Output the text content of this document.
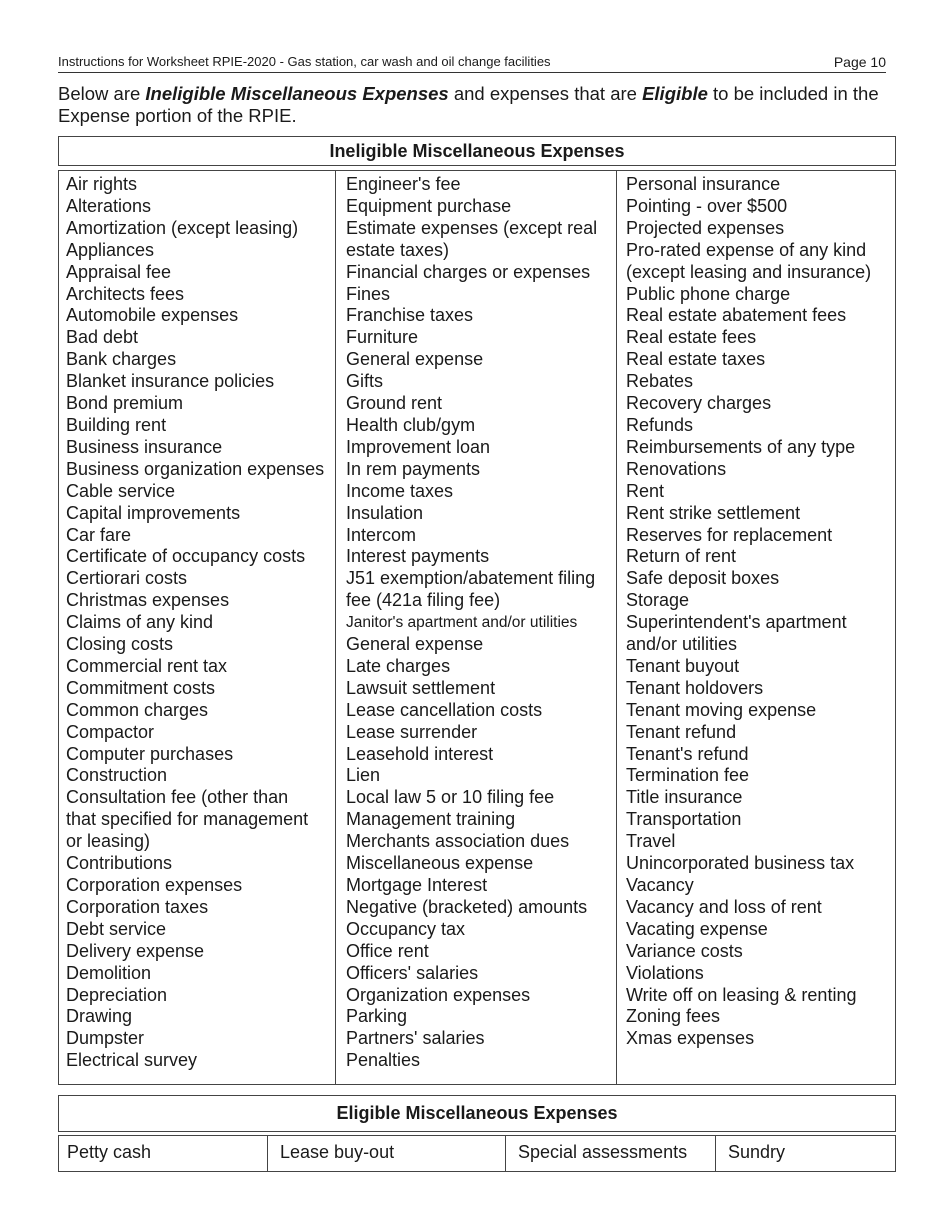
Instructions for Worksheet RPIE-2020 - Gas station, car wash and oil change facilities	Page 10
Below are Ineligible Miscellaneous Expenses and expenses that are Eligible to be included in the Expense portion of the RPIE.
Ineligible Miscellaneous Expenses
Air rights
Alterations
Amortization (except leasing)
Appliances
Appraisal fee
Architects fees
Automobile expenses
Bad debt
Bank charges
Blanket insurance policies
Bond premium
Building rent
Business insurance
Business organization expenses
Cable service
Capital improvements
Car fare
Certificate of occupancy costs
Certiorari costs
Christmas expenses
Claims of any kind
Closing costs
Commercial rent tax
Commitment costs
Common charges
Compactor
Computer purchases
Construction
Consultation fee (other than
that specified for management
or leasing)
Contributions
Corporation expenses
Corporation taxes
Debt service
Delivery expense
Demolition
Depreciation
Drawing
Dumpster
Electrical survey
Engineer's fee
Equipment purchase
Estimate expenses (except real
estate taxes)
Financial charges or expenses
Fines
Franchise taxes
Furniture
General expense
Gifts
Ground rent
Health club/gym
Improvement loan
In rem payments
Income taxes
Insulation
Intercom
Interest payments
J51 exemption/abatement filing
fee (421a filing fee)
Janitor's apartment and/or utilities
General expense
Late charges
Lawsuit settlement
Lease cancellation costs
Lease surrender
Leasehold interest
Lien
Local law 5 or 10 filing fee
Management training
Merchants association dues
Miscellaneous expense
Mortgage Interest
Negative (bracketed) amounts
Occupancy tax
Office rent
Officers' salaries
Organization expenses
Parking
Partners' salaries
Penalties
Personal insurance
Pointing - over $500
Projected expenses
Pro-rated expense of any kind
(except leasing and insurance)
Public phone charge
Real estate abatement fees
Real estate fees
Real estate taxes
Rebates
Recovery charges
Refunds
Reimbursements of any type
Renovations
Rent
Rent strike settlement
Reserves for replacement
Return of rent
Safe deposit boxes
Storage
Superintendent's apartment
and/or utilities
Tenant buyout
Tenant holdovers
Tenant moving expense
Tenant refund
Tenant's refund
Termination fee
Title insurance
Transportation
Travel
Unincorporated business tax
Vacancy
Vacancy and loss of rent
Vacating expense
Variance costs
Violations
Write off on leasing & renting
Zoning fees
Xmas expenses
Eligible Miscellaneous Expenses
Petty cash	Lease buy-out	Special assessments	Sundry
